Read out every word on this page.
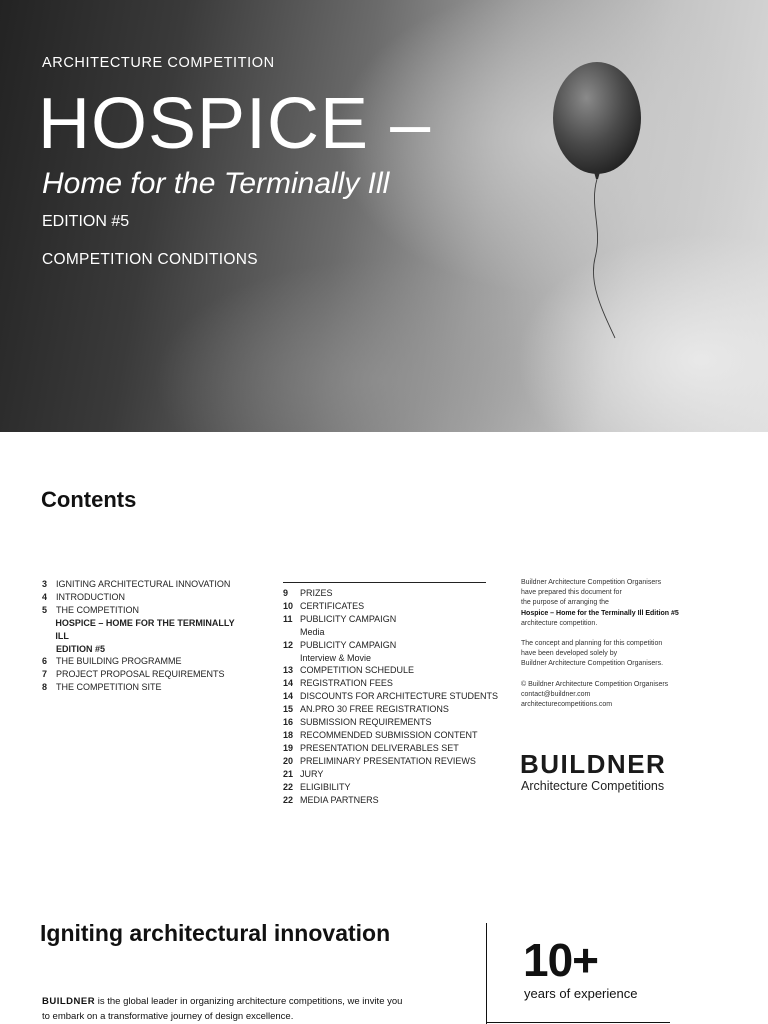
ARCHITECTURE COMPETITION
HOSPICE –
Home for the Terminally Ill
EDITION #5
COMPETITION CONDITIONS
Contents
3 IGNITING ARCHITECTURAL INNOVATION
4 INTRODUCTION
5 THE COMPETITION
HOSPICE – HOME FOR THE TERMINALLY ILL
EDITION #5
6 THE BUILDING PROGRAMME
7 PROJECT PROPOSAL REQUIREMENTS
8 THE COMPETITION SITE
9	PRIZES
10 CERTIFICATES
11 PUBLICITY CAMPAIGN
Media
12 PUBLICITY CAMPAIGN
Interview & Movie
13 COMPETITION SCHEDULE
14 REGISTRATION FEES
14 DISCOUNTS FOR ARCHITECTURE STUDENTS
15 AN.PRO 30 FREE REGISTRATIONS
16 SUBMISSION REQUIREMENTS
18 RECOMMENDED SUBMISSION CONTENT
19 PRESENTATION DELIVERABLES SET
20 PRELIMINARY PRESENTATION REVIEWS
21 JURY
22 ELIGIBILITY
22 MEDIA PARTNERS

Buildner Architecture Competition Organisers
have prepared this document for
the purpose of arranging the
Hospice – Home for the Terminally Ill Edition #5
architecture competition.

The concept and planning for this competition
have been developed solely by
Buildner Architecture Competition Organisers.

© Buildner Architecture Competition Organisers
contact@buildner.com
architecturecompetitions.com

BUILDNER
Architecture Competitions
Igniting architectural innovation
BUILDNER is the global leader in organizing architecture competitions, we invite you
to embark on a transformative journey of design excellence.
10+
years of experience
